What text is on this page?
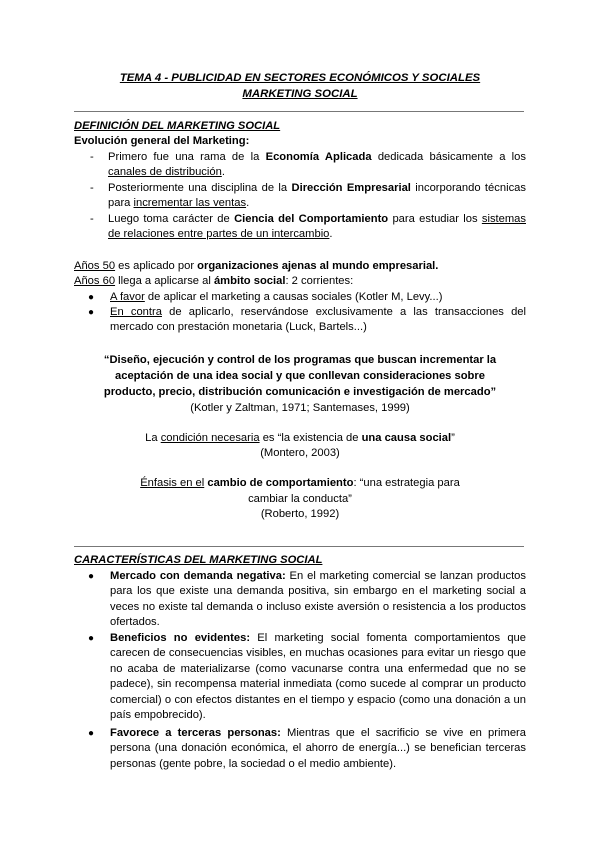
TEMA 4 - PUBLICIDAD EN SECTORES ECONÓMICOS Y SOCIALES
MARKETING SOCIAL
DEFINICIÓN DEL MARKETING SOCIAL
Evolución general del Marketing:
- Primero fue una rama de la Economía Aplicada dedicada básicamente a los canales de distribución.
- Posteriormente una disciplina de la Dirección Empresarial incorporando técnicas para incrementar las ventas.
- Luego toma carácter de Ciencia del Comportamiento para estudiar los sistemas de relaciones entre partes de un intercambio.
Años 50 es aplicado por organizaciones ajenas al mundo empresarial.
Años 60 llega a aplicarse al ámbito social: 2 corrientes:
● A favor de aplicar el marketing a causas sociales (Kotler M, Levy...)
● En contra de aplicarlo, reservándose exclusivamente a las transacciones del mercado con prestación monetaria (Luck, Bartels...)
“Diseño, ejecución y control de los programas que buscan incrementar la
aceptación de una idea social y que conllevan consideraciones sobre
producto, precio, distribución comunicación e investigación de mercado”
(Kotler y Zaltman, 1971; Santemases, 1999)
La condición necesaria es “la existencia de una causa social”
(Montero, 2003)
Énfasis en el cambio de comportamiento: “una estrategia para
cambiar la conducta”
(Roberto, 1992)
CARACTERÍSTICAS DEL MARKETING SOCIAL
● Mercado con demanda negativa: En el marketing comercial se lanzan productos para los que existe una demanda positiva, sin embargo en el marketing social a veces no existe tal demanda o incluso existe aversión o resistencia a los productos ofertados.
● Beneficios no evidentes: El marketing social fomenta comportamientos que carecen de consecuencias visibles, en muchas ocasiones para evitar un riesgo que no acaba de materializarse (como vacunarse contra una enfermedad que no se padece), sin recompensa material inmediata (como sucede al comprar un producto comercial) o con efectos distantes en el tiempo y espacio (como una donación a un país empobrecido).
● Favorece a terceras personas: Mientras que el sacrificio se vive en primera persona (una donación económica, el ahorro de energía...) se benefician terceras personas (gente pobre, la sociedad o el medio ambiente).
